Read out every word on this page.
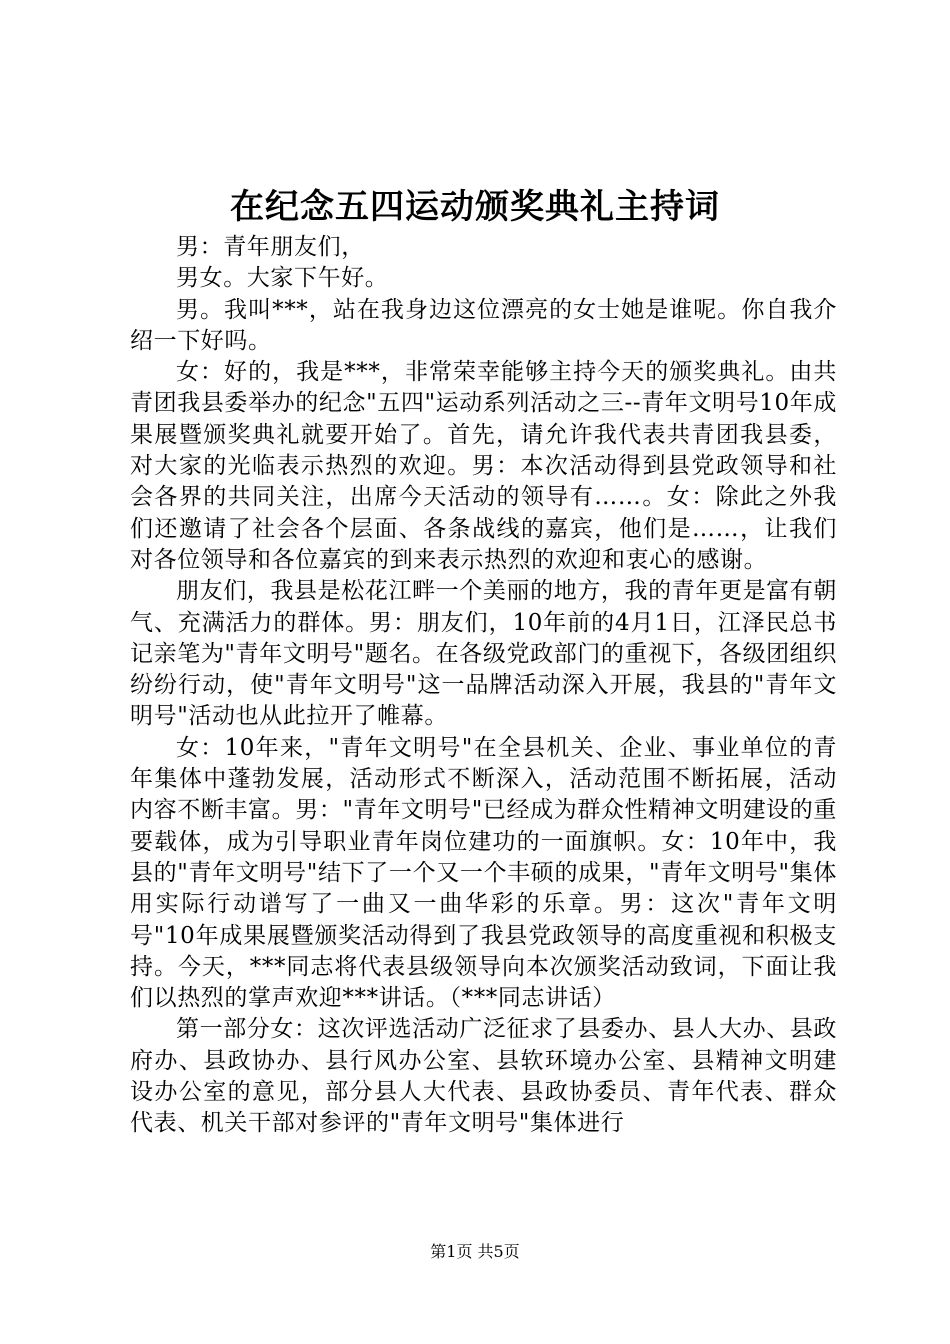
在纪念五四运动颁奖典礼主持词

男：青年朋友们，

男女。大家下午好。

男。我叫***，站在我身边这位漂亮的女士她是谁呢。你自我介绍一下好吗。

女：好的，我是***，非常荣幸能够主持今天的颁奖典礼。由共青团我县委举办的纪念"五四"运动系列活动之三--青年文明号10年成果展暨颁奖典礼就要开始了。首先，请允许我代表共青团我县委，对大家的光临表示热烈的欢迎。男：本次活动得到县党政领导和社会各界的共同关注，出席今天活动的领导有……。女：除此之外我们还邀请了社会各个层面、各条战线的嘉宾，他们是……，让我们对各位领导和各位嘉宾的到来表示热烈的欢迎和衷心的感谢。

朋友们，我县是松花江畔一个美丽的地方，我的青年更是富有朝气、充满活力的群体。男：朋友们，10年前的4月1日，江泽民总书记亲笔为"青年文明号"题名。在各级党政部门的重视下，各级团组织纷纷行动，使"青年文明号"这一品牌活动深入开展，我县的"青年文明号"活动也从此拉开了帷幕。

女：10年来，"青年文明号"在全县机关、企业、事业单位的青年集体中蓬勃发展，活动形式不断深入，活动范围不断拓展，活动内容不断丰富。男："青年文明号"已经成为群众性精神文明建设的重要载体，成为引导职业青年岗位建功的一面旗帜。女：10年中，我县的"青年文明号"结下了一个又一个丰硕的成果，"青年文明号"集体用实际行动谱写了一曲又一曲华彩的乐章。男：这次"青年文明号"10年成果展暨颁奖活动得到了我县党政领导的高度重视和积极支持。今天，***同志将代表县级领导向本次颁奖活动致词，下面让我们以热烈的掌声欢迎***讲话。（***同志讲话）

第一部分女：这次评选活动广泛征求了县委办、县人大办、县政府办、县政协办、县行风办公室、县软环境办公室、县精神文明建设办公室的意见，部分县人大代表、县政协委员、青年代表、群众代表、机关干部对参评的"青年文明号"集体进行

第1页 共5页
